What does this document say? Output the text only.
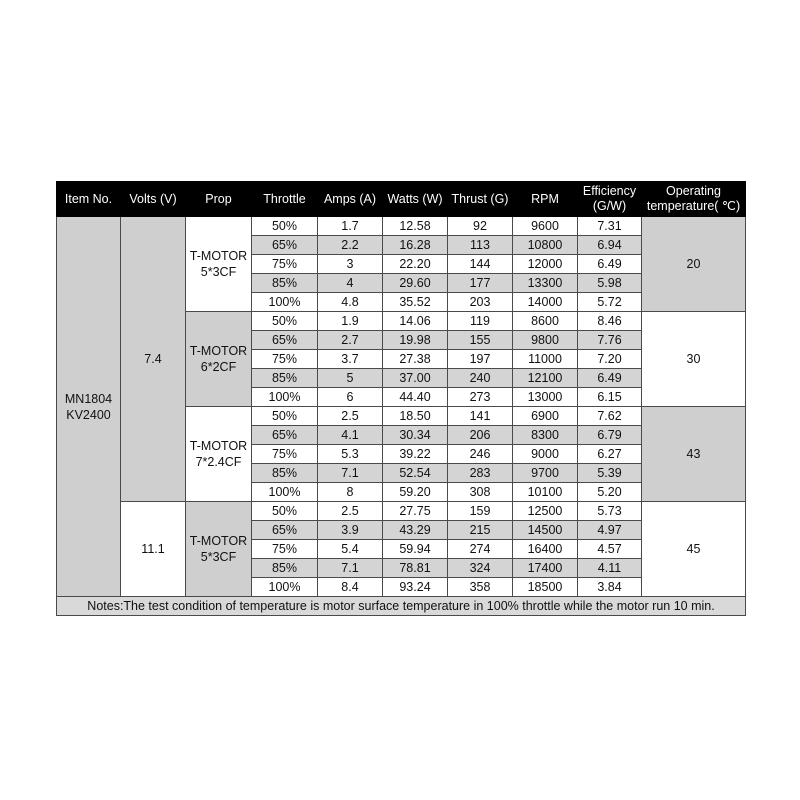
Item No.	Volts (V)	Prop	Throttle	Amps (A)	Watts (W)	Thrust (G)	RPM	Efficiency (G/W)	Operating temperature( ℃)
MN1804
KV2400	7.4	T-MOTOR 5*3CF	50%	1.7	12.58	92	9600	7.31	20
			65%	2.2	16.28	113	10800	6.94	
			75%	3	22.20	144	12000	6.49	
			85%	4	29.60	177	13300	5.98	
			100%	4.8	35.52	203	14000	5.72	
		T-MOTOR 6*2CF	50%	1.9	14.06	119	8600	8.46	30
			65%	2.7	19.98	155	9800	7.76	
			75%	3.7	27.38	197	11000	7.20	
			85%	5	37.00	240	12100	6.49	
			100%	6	44.40	273	13000	6.15	
		T-MOTOR 7*2.4CF	50%	2.5	18.50	141	6900	7.62	43
			65%	4.1	30.34	206	8300	6.79	
			75%	5.3	39.22	246	9000	6.27	
			85%	7.1	52.54	283	9700	5.39	
			100%	8	59.20	308	10100	5.20	
	11.1	T-MOTOR 5*3CF	50%	2.5	27.75	159	12500	5.73	45
			65%	3.9	43.29	215	14500	4.97	
			75%	5.4	59.94	274	16400	4.57	
			85%	7.1	78.81	324	17400	4.11	
			100%	8.4	93.24	358	18500	3.84	
Notes:The test condition of temperature is motor surface temperature in 100% throttle while the motor run 10 min.									
